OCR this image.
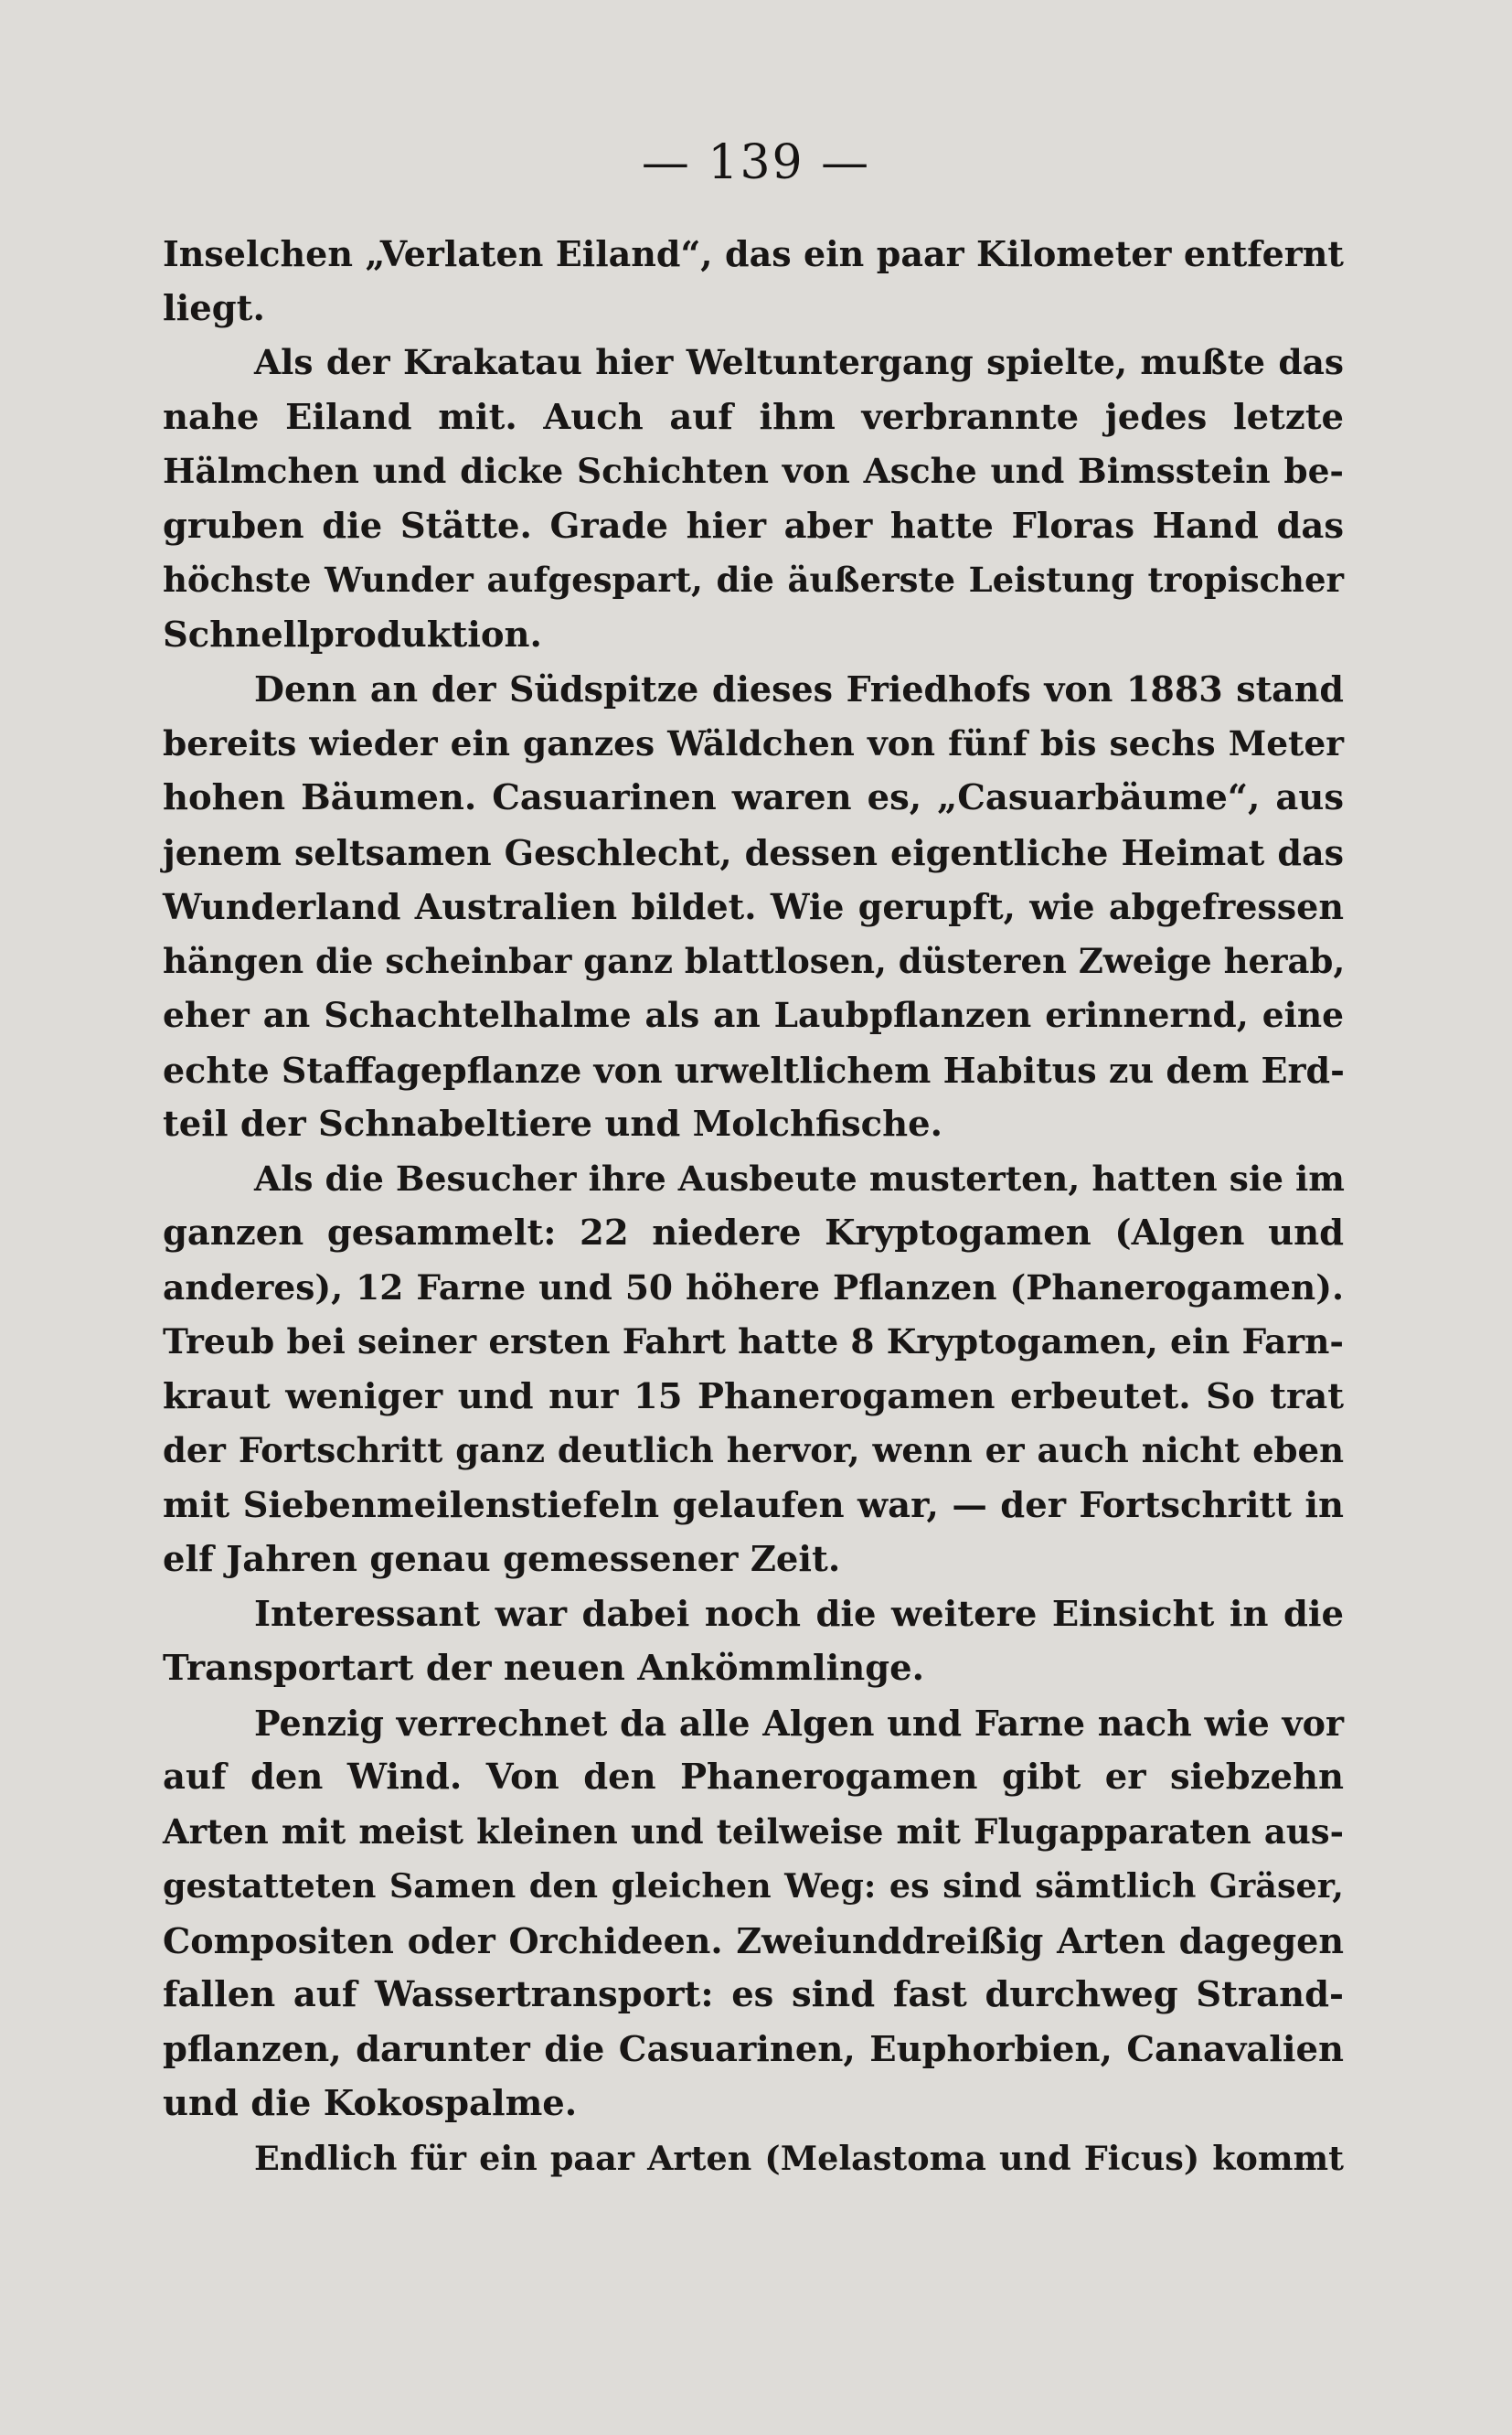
— 139 —
Inselchen „Verlaten Eiland“, das ein paar Kilometer entfernt
liegt.
Als der Krakatau hier Weltuntergang spielte, mußte das
nahe Eiland mit. Auch auf ihm verbrannte jedes letzte
Hälmchen und dicke Schichten von Asche und Bimsstein be-
gruben die Stätte. Grade hier aber hatte Floras Hand das
höchste Wunder aufgespart, die äußerste Leistung tropischer
Schnellproduktion.
Denn an der Südspitze dieses Friedhofs von 1883 stand
bereits wieder ein ganzes Wäldchen von fünf bis sechs Meter
hohen Bäumen. Casuarinen waren es, „Casuarbäume“, aus
jenem seltsamen Geschlecht, dessen eigentliche Heimat das
Wunderland Australien bildet. Wie gerupft, wie abgefressen
hängen die scheinbar ganz blattlosen, düsteren Zweige herab,
eher an Schachtelhalme als an Laubpflanzen erinnernd, eine
echte Staffagepflanze von urweltlichem Habitus zu dem Erd-
teil der Schnabeltiere und Molchfische.
Als die Besucher ihre Ausbeute musterten, hatten sie im
ganzen gesammelt: 22 niedere Kryptogamen (Algen und
anderes), 12 Farne und 50 höhere Pflanzen (Phanerogamen).
Treub bei seiner ersten Fahrt hatte 8 Kryptogamen, ein Farn-
kraut weniger und nur 15 Phanerogamen erbeutet. So trat
der Fortschritt ganz deutlich hervor, wenn er auch nicht eben
mit Siebenmeilenstiefeln gelaufen war, — der Fortschritt in
elf Jahren genau gemessener Zeit.
Interessant war dabei noch die weitere Einsicht in die
Transportart der neuen Ankömmlinge.
Penzig verrechnet da alle Algen und Farne nach wie vor
auf den Wind. Von den Phanerogamen gibt er siebzehn
Arten mit meist kleinen und teilweise mit Flugapparaten aus-
gestatteten Samen den gleichen Weg: es sind sämtlich Gräser,
Compositen oder Orchideen. Zweiunddreißig Arten dagegen
fallen auf Wassertransport: es sind fast durchweg Strand-
pflanzen, darunter die Casuarinen, Euphorbien, Canavalien
und die Kokospalme.
Endlich für ein paar Arten (Melastoma und Ficus) kommt
